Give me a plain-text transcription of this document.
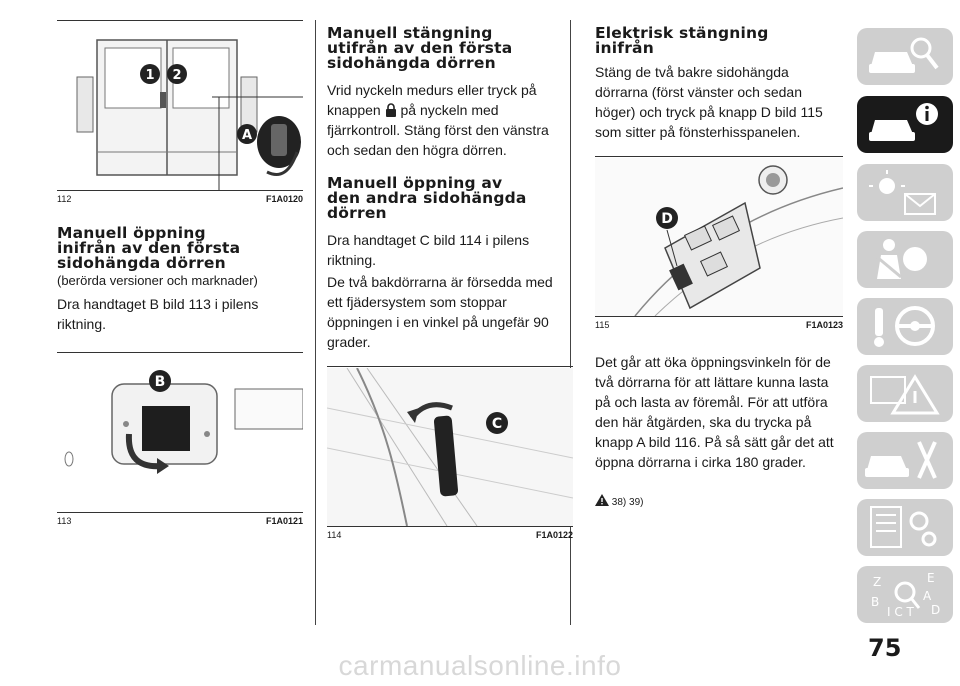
1 2
A
112	F1A0120
Manuell öppning
inifrån av den första
sidohängda dörren
(berörda versioner och marknader)

Dra handtaget B bild 113 i pilens riktning.

B
113	F1A0121
Manuell stängning
utifrån av den första
sidohängda dörren

Vrid nyckeln medurs eller tryck på knappen på nyckeln med fjärrkontroll. Stäng först den vänstra och sedan den högra dörren.

Manuell öppning av
den andra sidohängda
dörren

Dra handtaget C bild 114 i pilens riktning.

De två bakdörrarna är försedda med ett fjädersystem som stoppar öppningen i en vinkel på ungefär 90 grader.

C
114	F1A0122
Elektrisk stängning
inifrån

Stäng de två bakre sidohängda dörrarna (först vänster och sedan höger) och tryck på knapp D bild 115 som sitter på fönsterhisspanelen.

D
115	F1A0123

Det går att öka öppningsvinkeln för de två dörrarna för att lättare kunna lasta på och lasta av föremål. För att utföra den här åtgärden, ska du trycka på knapp A bild 116. På så sätt går det att öppna dörrarna i cirka 180 grader.

38) 39)
Z	E
B	A
D
I C T
75
carmanualsonline.info
